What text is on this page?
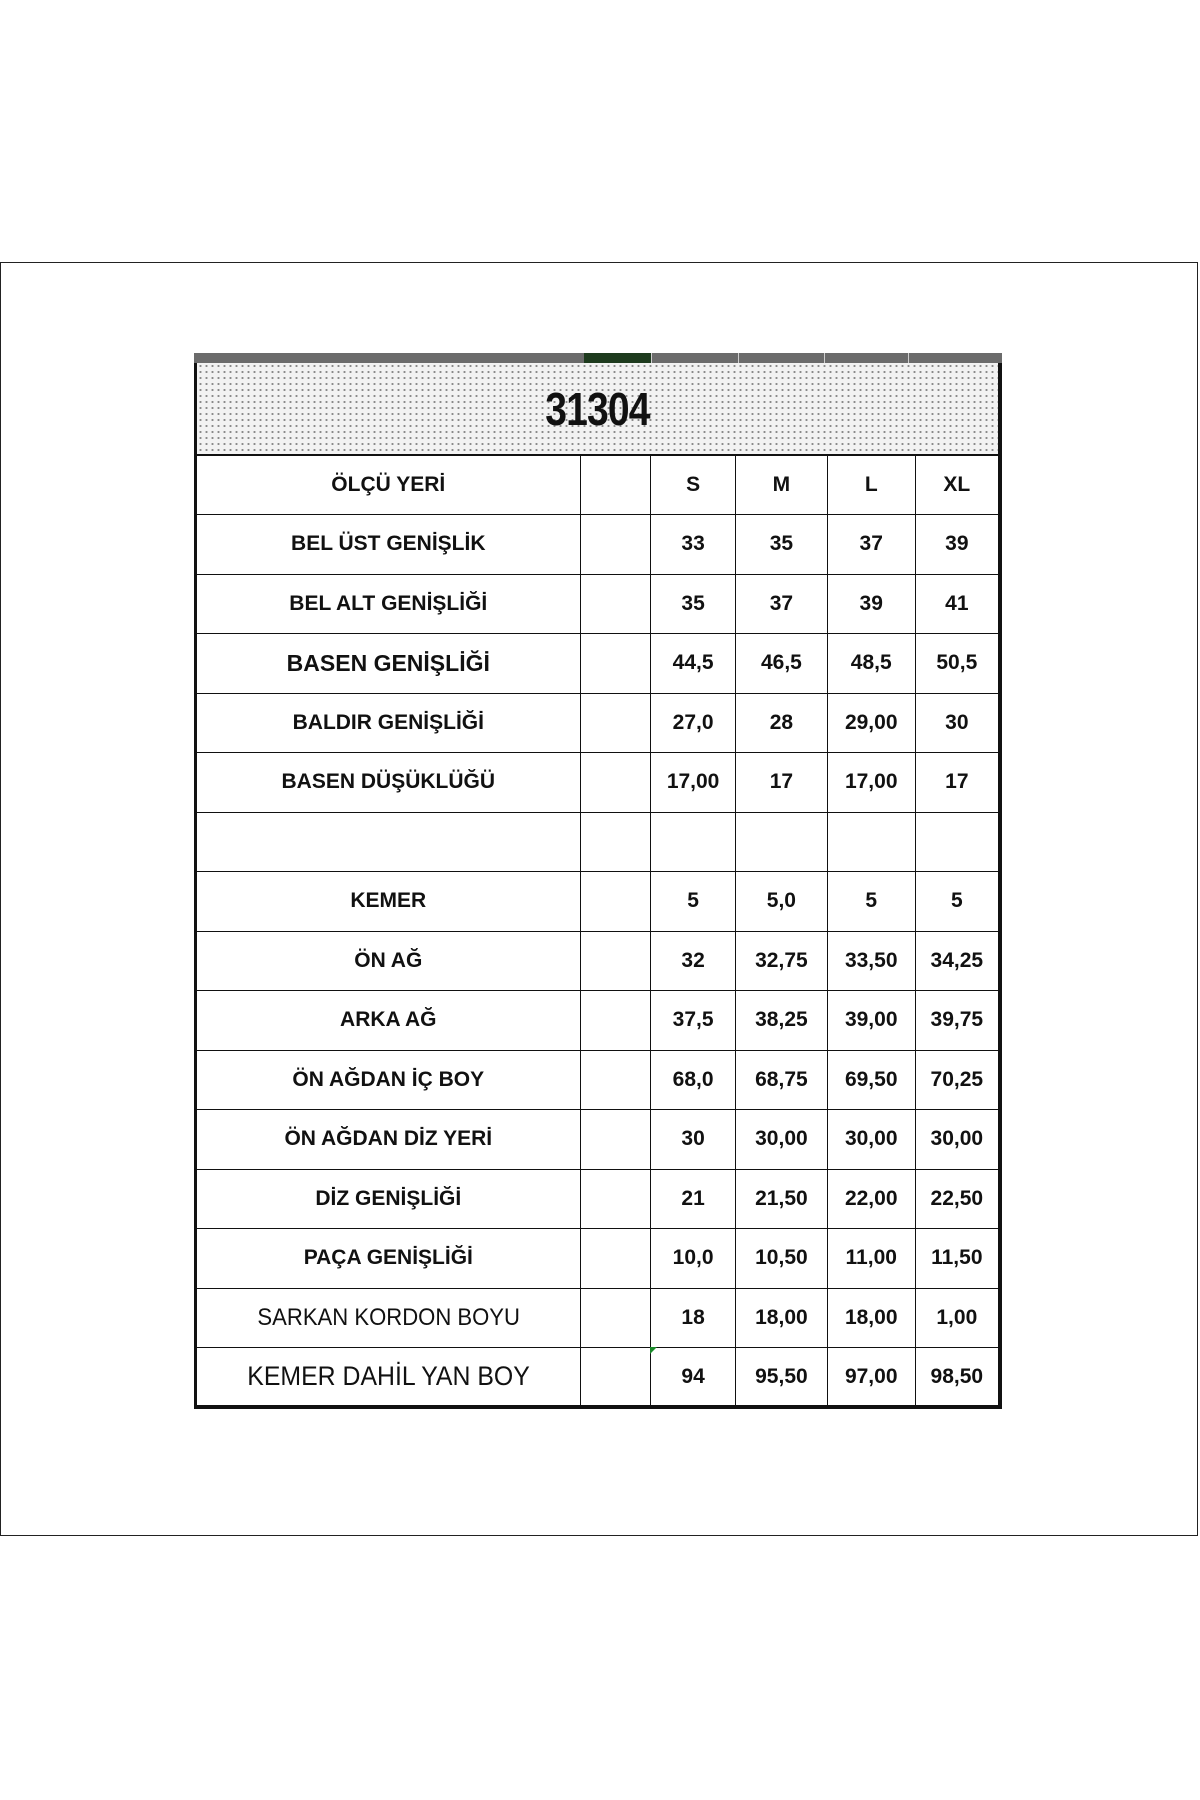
31304					
ÖLÇÜ YERİ		S	M	L	XL
BEL ÜST GENİŞLİK		33	35	37	39
BEL ALT GENİŞLİĞİ		35	37	39	41

BASEN GENİŞLİĞİ		44,5	46,5	48,5	50,5
BALDIR GENİŞLİĞİ		27,0	28	29,00	30
BASEN DÜŞÜKLÜĞÜ		17,00	17	17,00	17

KEMER		5	5,0	5	5
ÖN AĞ		32	32,75	33,50	34,25
ARKA AĞ		37,5	38,25	39,00	39,75
ÖN AĞDAN İÇ BOY		68,0	68,75	69,50	70,25
ÖN AĞDAN DİZ YERİ		30	30,00	30,00	30,00
DİZ GENİŞLİĞİ		21	21,50	22,00	22,50
PAÇA GENİŞLİĞİ		10,0	10,50	11,00	11,50
SARKAN KORDON BOYU		18	18,00	18,00	1,00
KEMER DAHİL YAN BOY		94	95,50	97,00	98,50
